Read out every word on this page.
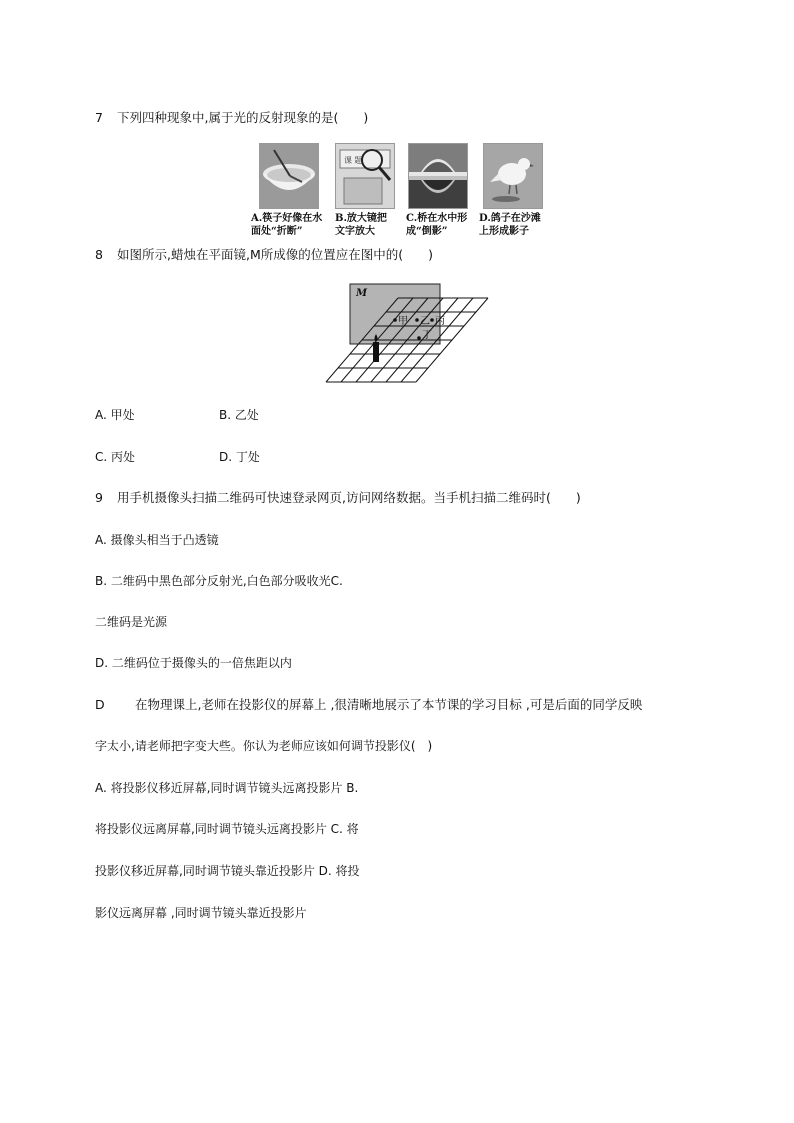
7 下列四种现象中,属于光的反射现象的是(　　)
课 题
A.筷子好像在水
面处“折断”
B.放大镜把
文字放大
C.桥在水中形
成“倒影”
D.鸽子在沙滩
上形成影子
8 如图所示,蜡烛在平面镜,M所成像的位置应在图中的(　　)
M
甲 乙 丙
丁
A. 甲处	B. 乙处
C. 丙处	D. 丁处
9 用手机摄像头扫描二维码可快速登录网页,访问网络数据。当手机扫描二维码时(　　)
A. 摄像头相当于凸透镜
B. 二维码中黑色部分反射光,白色部分吸收光C.
二维码是光源
D. 二维码位于摄像头的一倍焦距以内
D 在物理课上,老师在投影仪的屏幕上 ,很清晰地展示了本节课的学习目标 ,可是后面的同学反映
字太小,请老师把字变大些。你认为老师应该如何调节投影仪(　)
A. 将投影仪移近屏幕,同时调节镜头远离投影片 B.
将投影仪远离屏幕,同时调节镜头远离投影片 C. 将
投影仪移近屏幕,同时调节镜头靠近投影片 D. 将投
影仪远离屏幕 ,同时调节镜头靠近投影片
